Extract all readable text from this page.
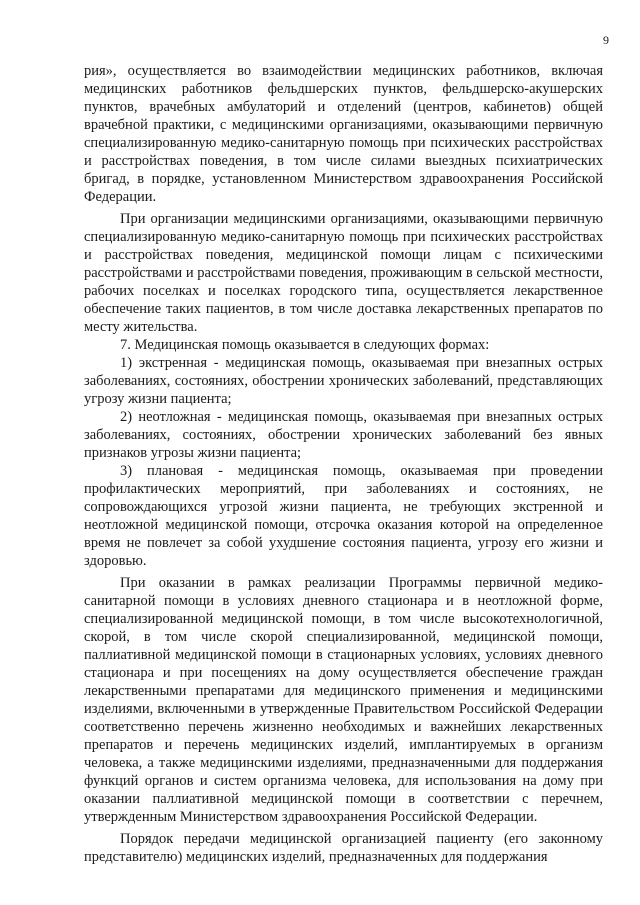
9

рия», осуществляется во взаимодействии медицинских работников, включая медицинских работников фельдшерских пунктов, фельдшерско-акушерских пунктов, врачебных амбулаторий и отделений (центров, кабинетов) общей врачебной практики, с медицинскими организациями, оказывающими первичную специализированную медико-санитарную помощь при психических расстройствах и расстройствах поведения, в том числе силами выездных психиатрических бригад, в порядке, установленном Министерством здравоохранения Российской Федерации.

При организации медицинскими организациями, оказывающими первичную специализированную медико-санитарную помощь при психических расстройствах и расстройствах поведения, медицинской помощи лицам с психическими расстройствами и расстройствами поведения, проживающим в сельской местности, рабочих поселках и поселках городского типа, осуществляется лекарственное обеспечение таких пациентов, в том числе доставка лекарственных препаратов по месту жительства.

7. Медицинская помощь оказывается в следующих формах:

1) экстренная - медицинская помощь, оказываемая при внезапных острых заболеваниях, состояниях, обострении хронических заболеваний, представляющих угрозу жизни пациента;

2) неотложная - медицинская помощь, оказываемая при внезапных острых заболеваниях, состояниях, обострении хронических заболеваний без явных признаков угрозы жизни пациента;

3) плановая - медицинская помощь, оказываемая при проведении профилактических мероприятий, при заболеваниях и состояниях, не сопровождающихся угрозой жизни пациента, не требующих экстренной и неотложной медицинской помощи, отсрочка оказания которой на определенное время не повлечет за собой ухудшение состояния пациента, угрозу его жизни и здоровью.

При оказании в рамках реализации Программы первичной медико-санитарной помощи в условиях дневного стационара и в неотложной форме, специализированной медицинской помощи, в том числе высокотехнологичной, скорой, в том числе скорой специализированной, медицинской помощи, паллиативной медицинской помощи в стационарных условиях, условиях дневного стационара и при посещениях на дому осуществляется обеспечение граждан лекарственными препаратами для медицинского применения и медицинскими изделиями, включенными в утвержденные Правительством Российской Федерации соответственно перечень жизненно необходимых и важнейших лекарственных препаратов и перечень медицинских изделий, имплантируемых в организм человека, а также медицинскими изделиями, предназначенными для поддержания функций органов и систем организма человека, для использования на дому при оказании паллиативной медицинской помощи в соответствии с перечнем, утвержденным Министерством здравоохранения Российской Федерации.

Порядок передачи медицинской организацией пациенту (его законному представителю) медицинских изделий, предназначенных для поддержания
